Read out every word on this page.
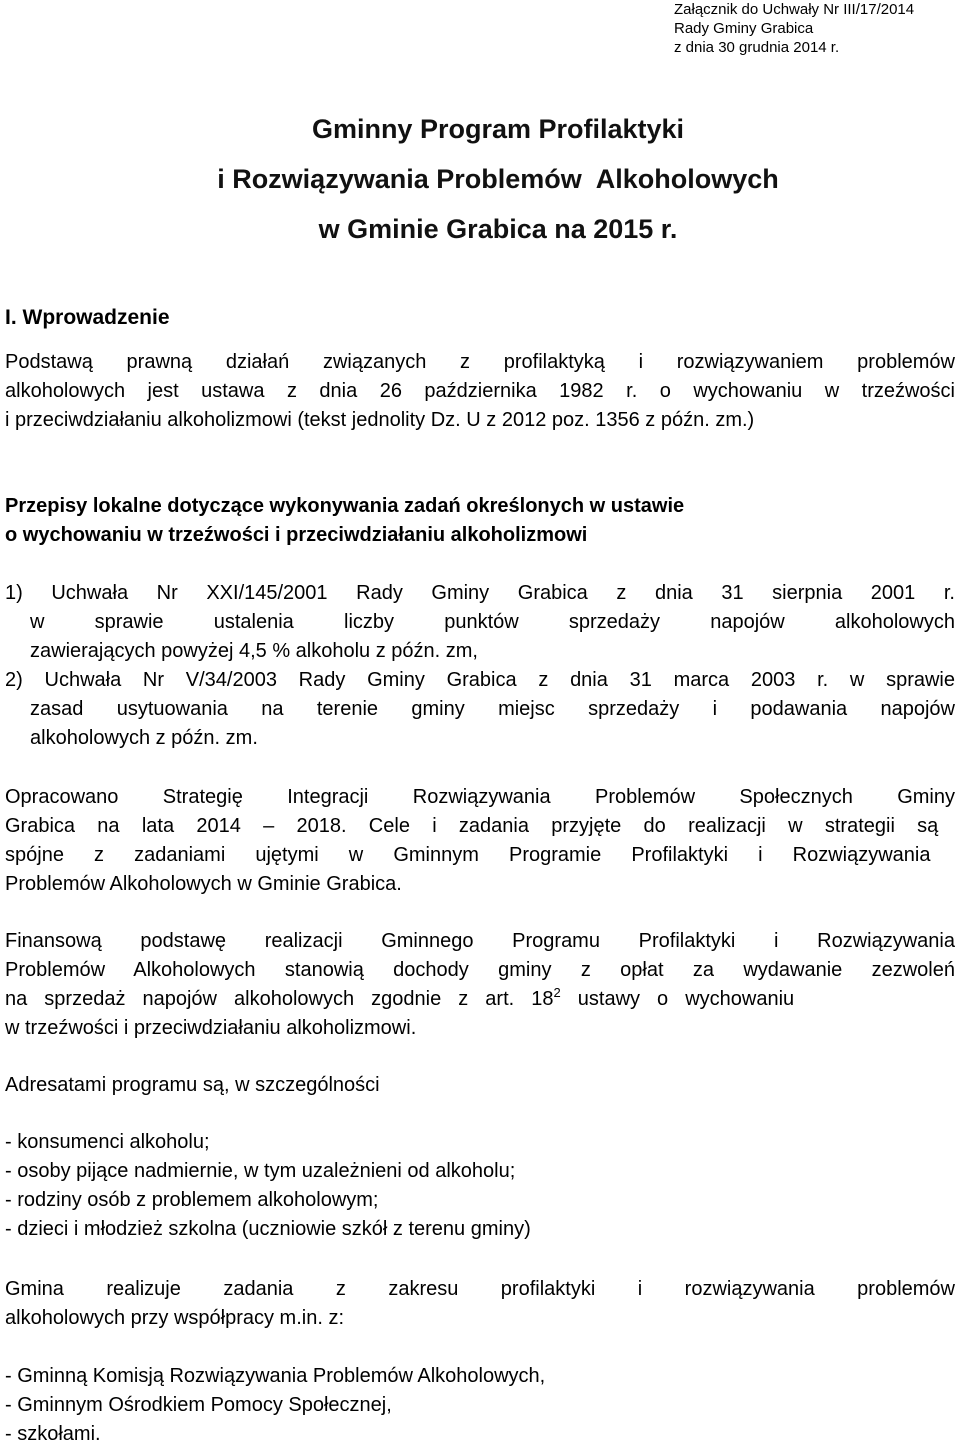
Załącznik do Uchwały Nr III/17/2014
Rady Gminy Grabica
z dnia 30 grudnia 2014 r.
Gminny Program Profilaktyki
i Rozwiązywania Problemów  Alkoholowych
w Gminie Grabica na 2015 r.
I. Wprowadzenie
Podstawą prawną działań związanych z profilaktyką i rozwiązywaniem problemów
alkoholowych jest ustawa z dnia 26 października 1982 r. o wychowaniu w trzeźwości
i przeciwdziałaniu alkoholizmowi (tekst jednolity Dz. U z 2012 poz. 1356 z późn. zm.)
Przepisy lokalne dotyczące wykonywania zadań określonych w ustawie
o wychowaniu w trzeźwości i przeciwdziałaniu alkoholizmowi
1) Uchwała Nr XXI/145/2001 Rady Gminy Grabica z dnia 31 sierpnia 2001 r.
w sprawie ustalenia liczby punktów sprzedaży napojów alkoholowych
zawierających powyżej 4,5 % alkoholu z późn. zm,
2) Uchwała Nr V/34/2003 Rady Gminy Grabica z dnia 31 marca 2003 r. w sprawie
zasad usytuowania na terenie gminy miejsc sprzedaży i podawania napojów
alkoholowych z późn. zm.
Opracowano Strategię Integracji Rozwiązywania Problemów Społecznych Gminy
Grabica na lata 2014 – 2018. Cele i zadania przyjęte do realizacji w strategii są
spójne z zadaniami ujętymi w Gminnym Programie Profilaktyki i Rozwiązywania
Problemów Alkoholowych w Gminie Grabica.
Finansową podstawę realizacji Gminnego Programu Profilaktyki i Rozwiązywania
Problemów Alkoholowych stanowią dochody gminy z opłat za wydawanie zezwoleń
na sprzedaż napojów alkoholowych zgodnie z art. $18^2$ ustawy o wychowaniu
w trzeźwości i przeciwdziałaniu alkoholizmowi.
Adresatami programu są, w szczególności
- konsumenci alkoholu;
- osoby pijące nadmiernie, w tym uzależnieni od alkoholu;
- rodziny osób z problemem alkoholowym;
- dzieci i młodzież szkolna (uczniowie szkół z terenu gminy)
Gmina realizuje zadania z zakresu profilaktyki i rozwiązywania problemów
alkoholowych przy współpracy m.in. z:
- Gminną Komisją Rozwiązywania Problemów Alkoholowych,
- Gminnym Ośrodkiem Pomocy Społecznej,
- szkołami.
